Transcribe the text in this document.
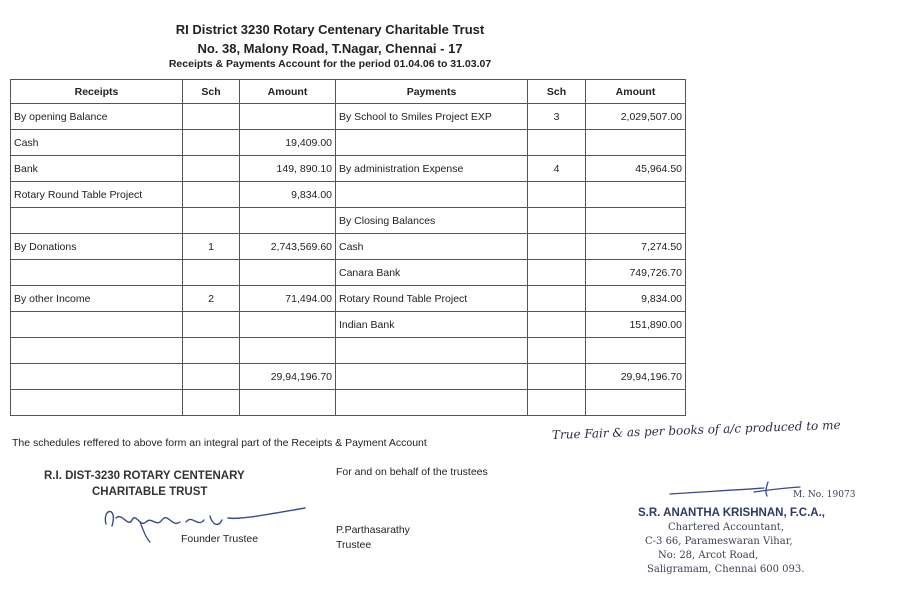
RI District 3230 Rotary Centenary Charitable Trust
No. 38, Malony Road, T.Nagar, Chennai - 17
Receipts & Payments Account for the period 01.04.06 to 31.03.07
Receipts	Sch	Amount	Payments	Sch	Amount
By opening Balance			By School to Smiles Project EXP	3	2,029,507.00
Cash		19,409.00			
Bank		149, 890.10	By administration Expense	4	45,964.50
Rotary Round Table Project		9,834.00			
			By Closing Balances		
By Donations	1	2,743,569.60	Cash		7,274.50
			Canara Bank		749,726.70
By other Income	2	71,494.00	Rotary Round Table Project		9,834.00
			Indian Bank		151,890.00

		29,94,196.70			29,94,196.70

The schedules reffered to above form an integral part of the Receipts & Payment Account
R.I. DIST-3230 ROTARY CENTENARY
CHARITABLE TRUST
For and on behalf of the trustees
Founder Trustee
P.Parthasarathy
Trustee
True Fair & as per books of a/c produced to me
M. No. 19073
S.R. ANANTHA KRISHNAN, F.C.A.,
Chartered Accountant,
C-3 66, Parameswaran Vihar,
No: 28, Arcot Road,
Saligramam, Chennai 600 093.
